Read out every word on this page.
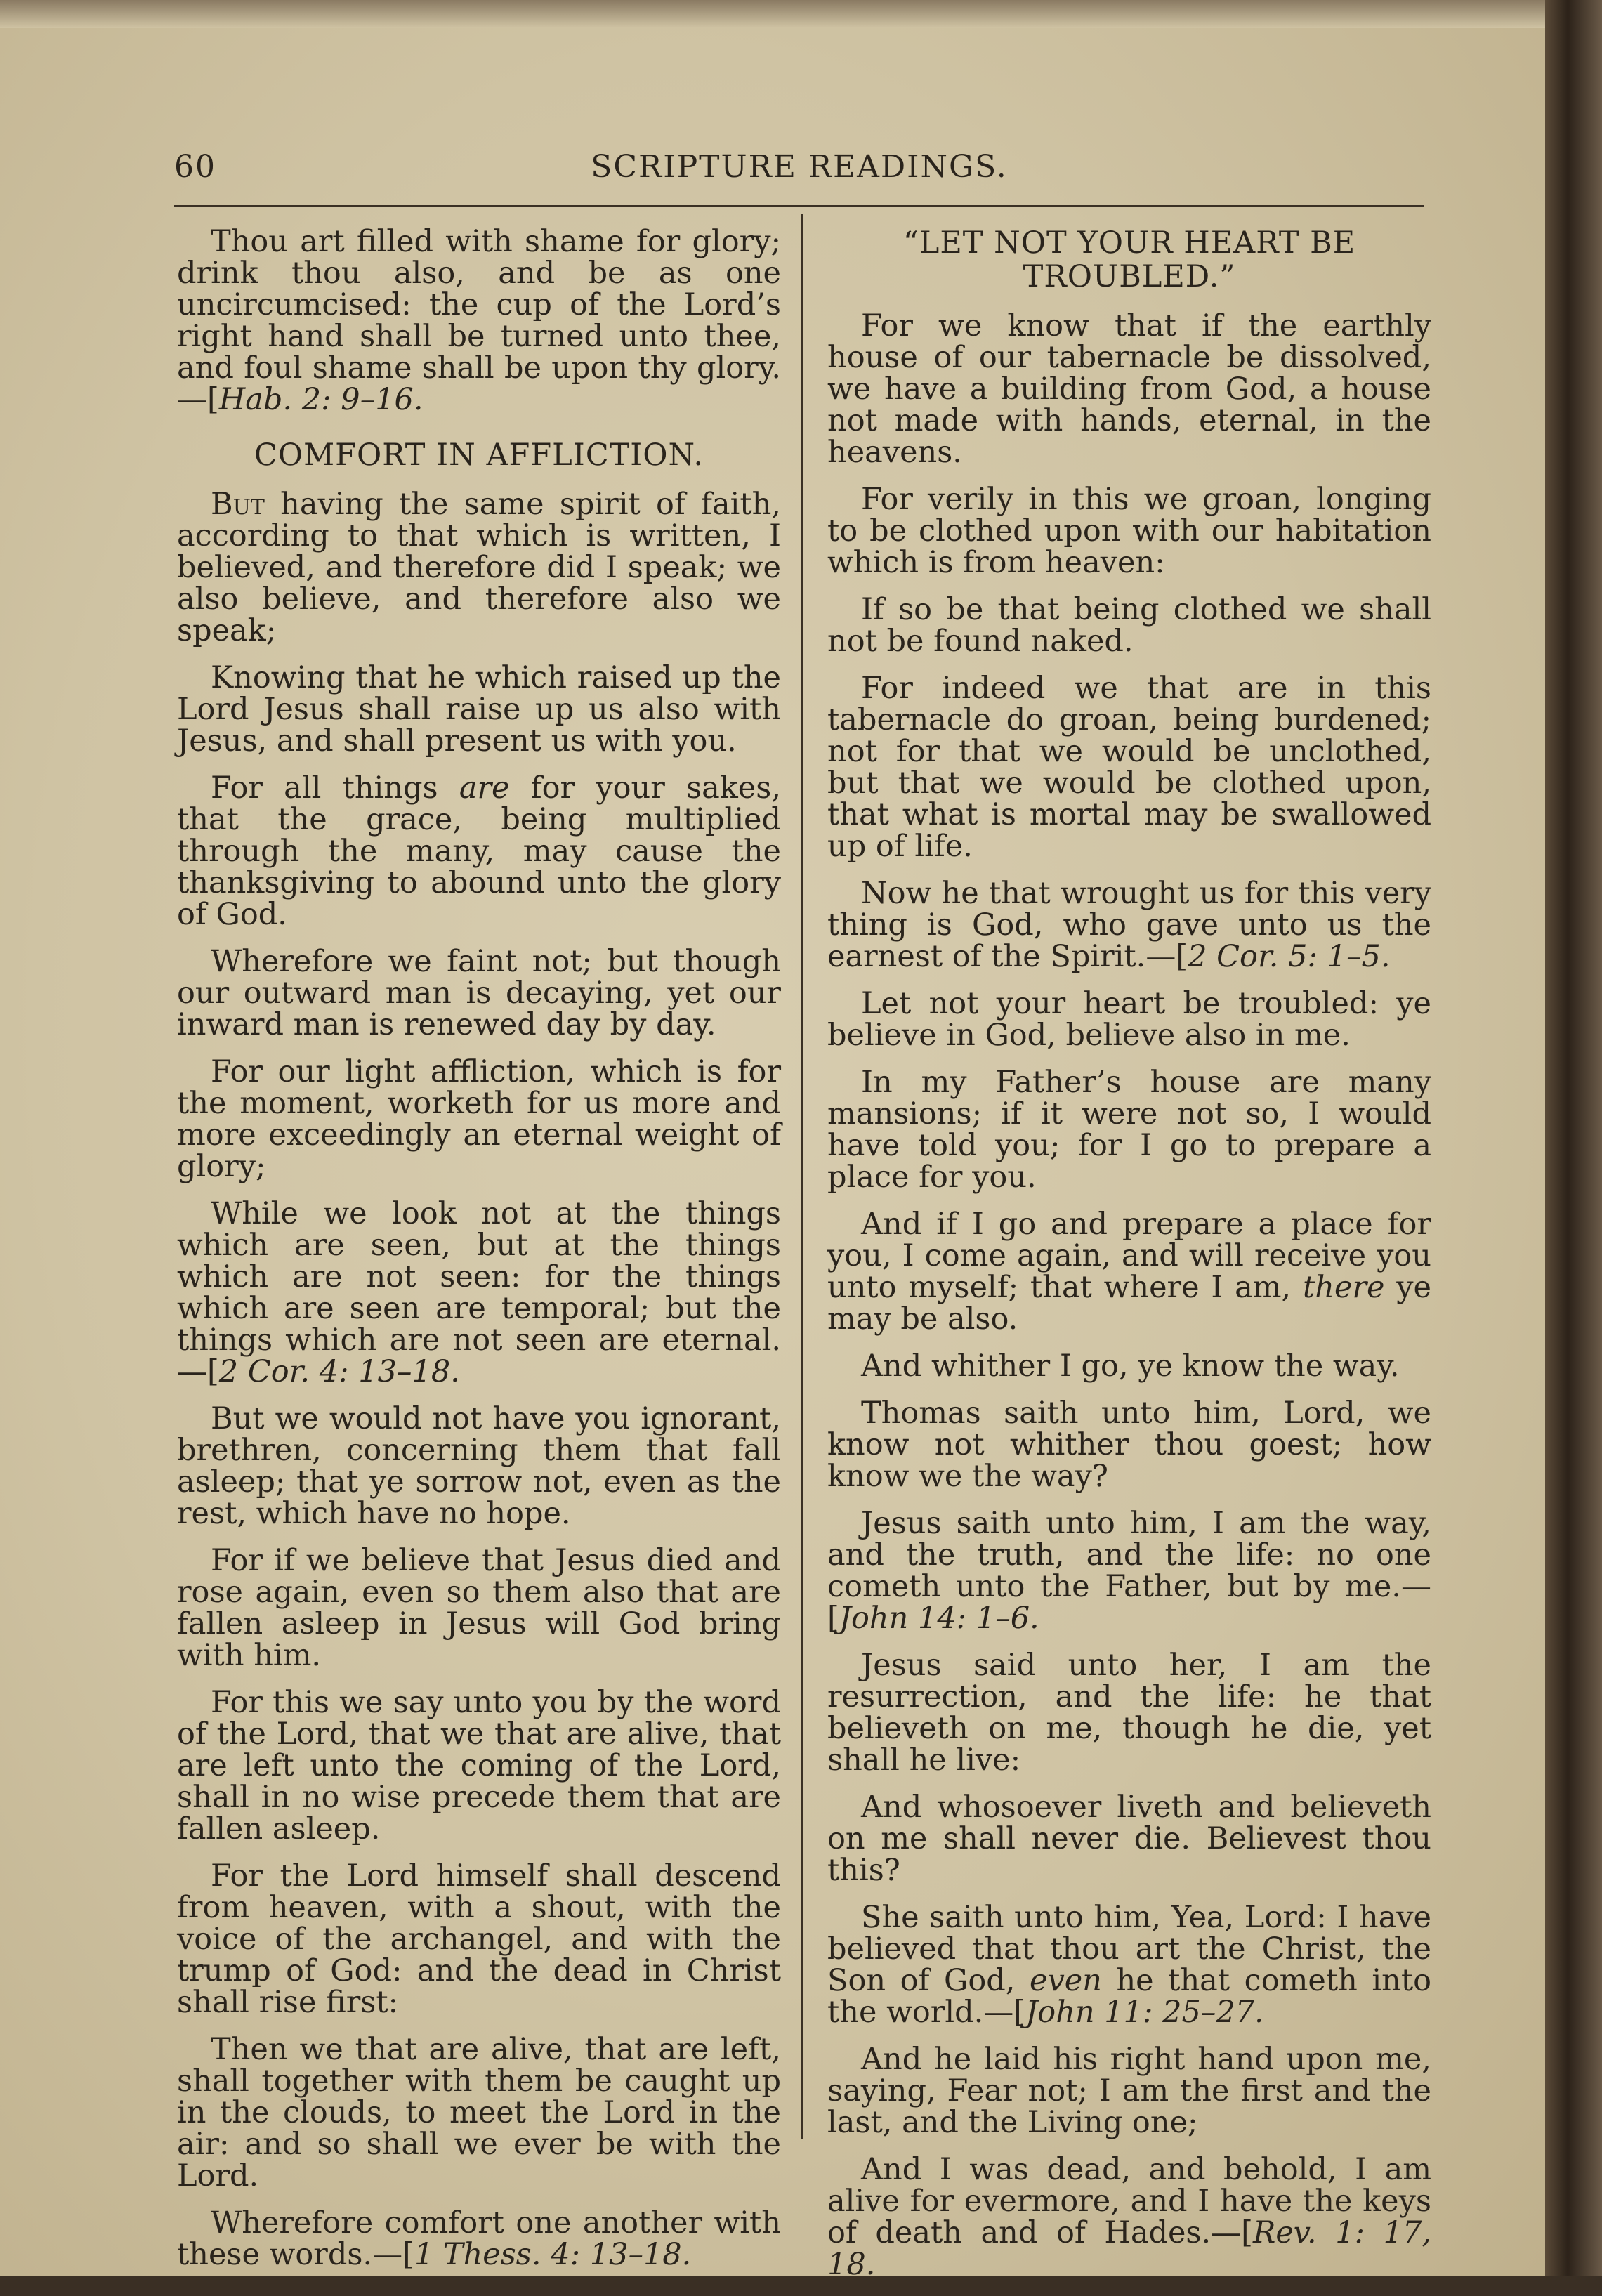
60	SCRIPTURE READINGS.

Thou art filled with shame for glory; drink thou also, and be as one uncircumcised: the cup of the Lord’s right hand shall be turned unto thee, and foul shame shall be upon thy glory.—[Hab. 2: 9–16.

COMFORT IN AFFLICTION.

But having the same spirit of faith, according to that which is written, I believed, and therefore did I speak; we also believe, and therefore also we speak;

Knowing that he which raised up the Lord Jesus shall raise up us also with Jesus, and shall present us with you.

For all things are for your sakes, that the grace, being multiplied through the many, may cause the thanksgiving to abound unto the glory of God.

Wherefore we faint not; but though our outward man is decaying, yet our inward man is renewed day by day.

For our light affliction, which is for the moment, worketh for us more and more exceedingly an eternal weight of glory;

While we look not at the things which are seen, but at the things which are not seen: for the things which are seen are temporal; but the things which are not seen are eternal.—[2 Cor. 4: 13–18.

But we would not have you ignorant, brethren, concerning them that fall asleep; that ye sorrow not, even as the rest, which have no hope.

For if we believe that Jesus died and rose again, even so them also that are fallen asleep in Jesus will God bring with him.

For this we say unto you by the word of the Lord, that we that are alive, that are left unto the coming of the Lord, shall in no wise precede them that are fallen asleep.

For the Lord himself shall descend from heaven, with a shout, with the voice of the archangel, and with the trump of God: and the dead in Christ shall rise first:

Then we that are alive, that are left, shall together with them be caught up in the clouds, to meet the Lord in the air: and so shall we ever be with the Lord.

Wherefore comfort one another with these words.—[1 Thess. 4: 13–18.

“LET NOT YOUR HEART BE TROUBLED.”

For we know that if the earthly house of our tabernacle be dissolved, we have a building from God, a house not made with hands, eternal, in the heavens.

For verily in this we groan, longing to be clothed upon with our habitation which is from heaven:

If so be that being clothed we shall not be found naked.

For indeed we that are in this tabernacle do groan, being burdened; not for that we would be unclothed, but that we would be clothed upon, that what is mortal may be swallowed up of life.

Now he that wrought us for this very thing is God, who gave unto us the earnest of the Spirit.—[2 Cor. 5: 1–5.

Let not your heart be troubled: ye believe in God, believe also in me.

In my Father’s house are many mansions; if it were not so, I would have told you; for I go to prepare a place for you.

And if I go and prepare a place for you, I come again, and will receive you unto myself; that where I am, there ye may be also.

And whither I go, ye know the way.

Thomas saith unto him, Lord, we know not whither thou goest; how know we the way?

Jesus saith unto him, I am the way, and the truth, and the life: no one cometh unto the Father, but by me.—[John 14: 1–6.

Jesus said unto her, I am the resurrection, and the life: he that believeth on me, though he die, yet shall he live:

And whosoever liveth and believeth on me shall never die. Believest thou this?

She saith unto him, Yea, Lord: I have believed that thou art the Christ, the Son of God, even he that cometh into the world.—[John 11: 25–27.

And he laid his right hand upon me, saying, Fear not; I am the first and the last, and the Living one;

And I was dead, and behold, I am alive for evermore, and I have the keys of death and of Hades.—[Rev. 1: 17, 18.
